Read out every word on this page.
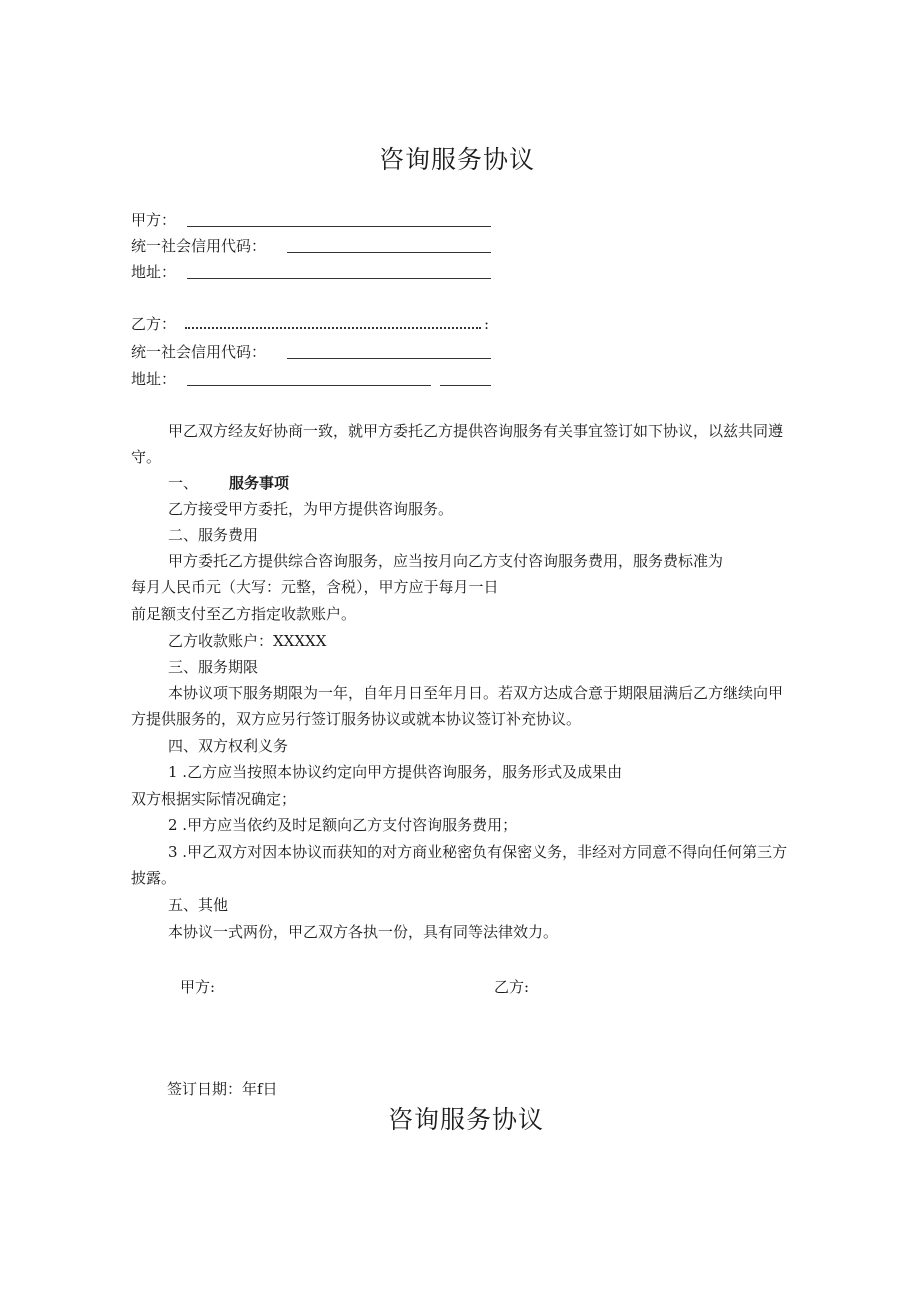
咨询服务协议
甲方：
统一社会信用代码：
地址：
乙方：	:
统一社会信用代码：
地址：
甲乙双方经友好协商一致，就甲方委托乙方提供咨询服务有关事宜签订如下协议，以兹共同遵守。
一、 服务事项
乙方接受甲方委托，为甲方提供咨询服务。
二、服务费用
甲方委托乙方提供综合咨询服务，应当按月向乙方支付咨询服务费用，服务费标准为
每月人民币元（大写：元整，含税），甲方应于每月一日
前足额支付至乙方指定收款账户。
乙方收款账户：XXXXX
三、服务期限
本协议项下服务期限为一年，自年月日至年月日。若双方达成合意于期限届满后乙方继续向甲方提供服务的，双方应另行签订服务协议或就本协议签订补充协议。
四、双方权利义务
1 .乙方应当按照本协议约定向甲方提供咨询服务，服务形式及成果由
双方根据实际情况确定；
2 .甲方应当依约及时足额向乙方支付咨询服务费用；
3 .甲乙双方对因本协议而获知的对方商业秘密负有保密义务，非经对方同意不得向任何第三方披露。
五、其他
本协议一式两份，甲乙双方各执一份，具有同等法律效力。
甲方:	乙方:
签订日期：年f日
咨询服务协议
